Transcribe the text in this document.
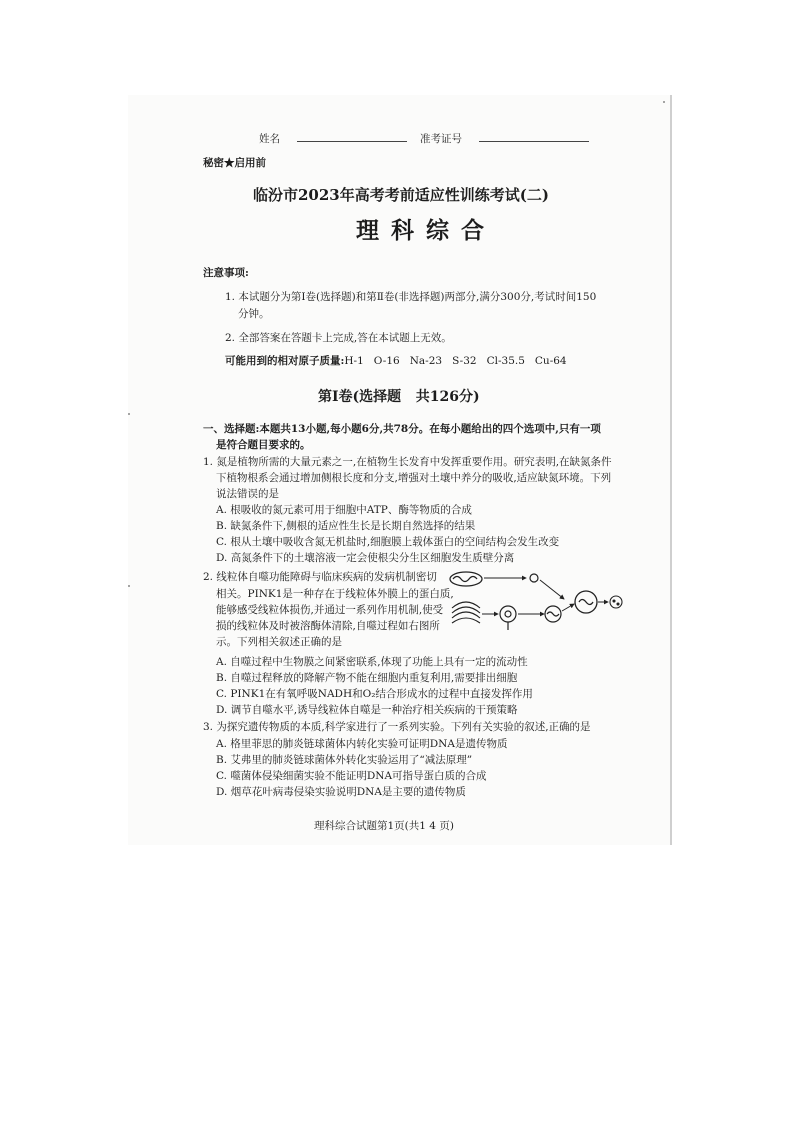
姓名	准考证号
秘密★启用前
临汾市2023年高考考前适应性训练考试(二)
理 科 综 合
注意事项:
1. 本试题分为第Ⅰ卷(选择题)和第Ⅱ卷(非选择题)两部分,满分300分,考试时间150
分钟。
2. 全部答案在答题卡上完成,答在本试题上无效。
可能用到的相对原子质量:H-1   O-16   Na-23   S-32   Cl-35.5   Cu-64
第Ⅰ卷(选择题   共126分)
一、选择题:本题共13小题,每小题6分,共78分。在每小题给出的四个选项中,只有一项
是符合题目要求的。
1. 氮是植物所需的大量元素之一,在植物生长发育中发挥重要作用。研究表明,在缺氮条件
下植物根系会通过增加侧根长度和分支,增强对土壤中养分的吸收,适应缺氮环境。下列
说法错误的是
A. 根吸收的氮元素可用于细胞中ATP、酶等物质的合成
B. 缺氮条件下,侧根的适应性生长是长期自然选择的结果
C. 根从土壤中吸收含氮无机盐时,细胞膜上载体蛋白的空间结构会发生改变
D. 高氮条件下的土壤溶液一定会使根尖分生区细胞发生质壁分离
2. 线粒体自噬功能障碍与临床疾病的发病机制密切
相关。PINK1是一种存在于线粒体外膜上的蛋白质,
能够感受线粒体损伤,并通过一系列作用机制,使受
损的线粒体及时被溶酶体清除,自噬过程如右图所
示。下列相关叙述正确的是
A. 自噬过程中生物膜之间紧密联系,体现了功能上具有一定的流动性
B. 自噬过程释放的降解产物不能在细胞内重复利用,需要排出细胞
C. PINK1在有氧呼吸NADH和O₂结合形成水的过程中直接发挥作用
D. 调节自噬水平,诱导线粒体自噬是一种治疗相关疾病的干预策略
3. 为探究遗传物质的本质,科学家进行了一系列实验。下列有关实验的叙述,正确的是
A. 格里菲思的肺炎链球菌体内转化实验可证明DNA是遗传物质
B. 艾弗里的肺炎链球菌体外转化实验运用了“减法原理”
C. 噬菌体侵染细菌实验不能证明DNA可指导蛋白质的合成
D. 烟草花叶病毒侵染实验说明DNA是主要的遗传物质
理科综合试题第1页(共1 4 页)
